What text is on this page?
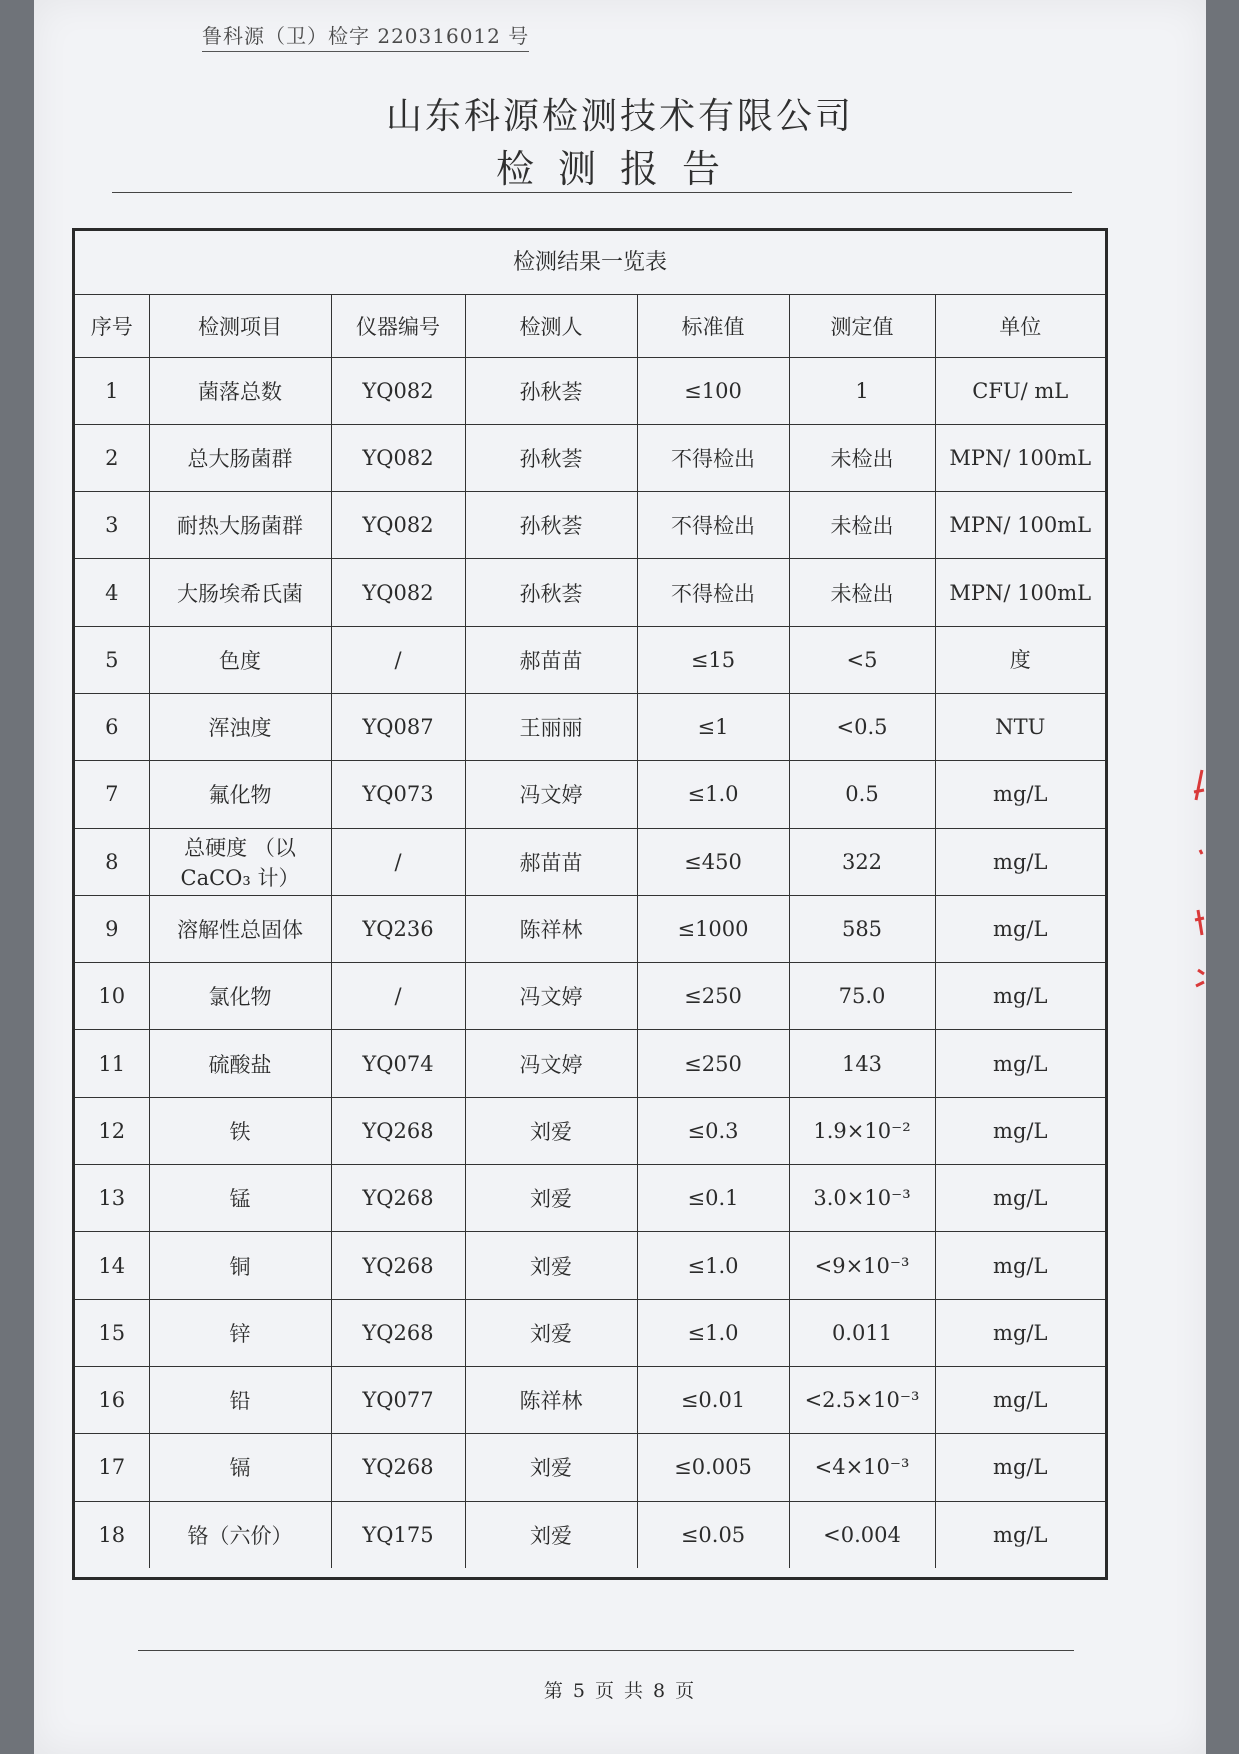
鲁科源（卫）检字 220316012 号
山东科源检测技术有限公司
检测报告
检测结果一览表
序号	检测项目	仪器编号	检测人	标准值	测定值	单位
1	菌落总数	YQ082	孙秋荟	≤100	1	CFU/ mL
2	总大肠菌群	YQ082	孙秋荟	不得检出	未检出	MPN/ 100mL
3	耐热大肠菌群	YQ082	孙秋荟	不得检出	未检出	MPN/ 100mL
4	大肠埃希氏菌	YQ082	孙秋荟	不得检出	未检出	MPN/ 100mL
5	色度	/	郝苗苗	≤15	<5	度
6	浑浊度	YQ087	王丽丽	≤1	<0.5	NTU
7	氟化物	YQ073	冯文婷	≤1.0	0.5	mg/L
8	总硬度 （以 CaCO₃ 计）	/	郝苗苗	≤450	322	mg/L
9	溶解性总固体	YQ236	陈祥林	≤1000	585	mg/L
10	氯化物	/	冯文婷	≤250	75.0	mg/L
11	硫酸盐	YQ074	冯文婷	≤250	143	mg/L
12	铁	YQ268	刘爱	≤0.3	1.9×10⁻²	mg/L
13	锰	YQ268	刘爱	≤0.1	3.0×10⁻³	mg/L
14	铜	YQ268	刘爱	≤1.0	<9×10⁻³	mg/L
15	锌	YQ268	刘爱	≤1.0	0.011	mg/L
16	铅	YQ077	陈祥林	≤0.01	<2.5×10⁻³	mg/L
17	镉	YQ268	刘爱	≤0.005	<4×10⁻³	mg/L
18	铬（六价）	YQ175	刘爱	≤0.05	<0.004	mg/L
第 5 页 共 8 页
